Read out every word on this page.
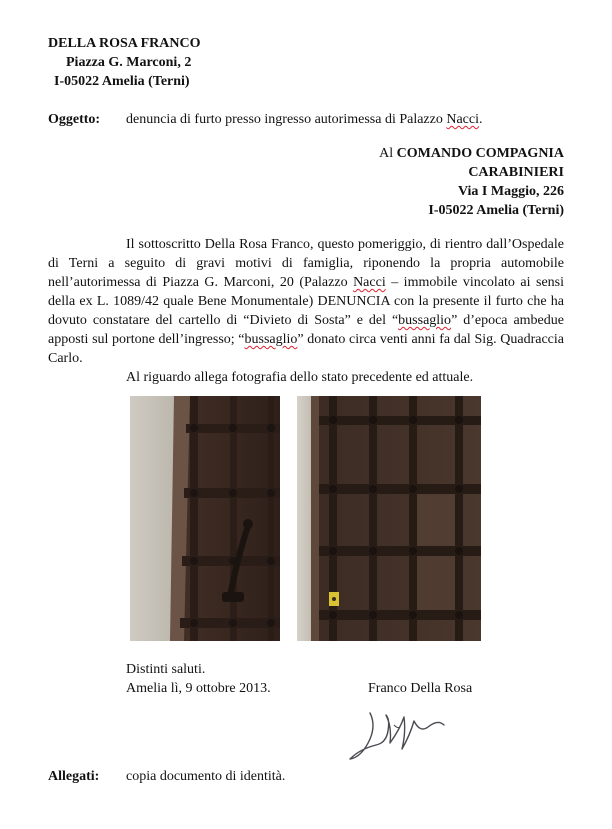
DELLA ROSA FRANCO
Piazza G. Marconi, 2
I-05022 Amelia (Terni)
Oggetto: denuncia di furto presso ingresso autorimessa di Palazzo Nacci.
Al COMANDO COMPAGNIA
CARABINIERI
Via I Maggio, 226
I-05022 Amelia (Terni)

Il sottoscritto Della Rosa Franco, questo pomeriggio, di rientro dall’Ospedale di Terni a seguito di gravi motivi di famiglia, riponendo la propria automobile nell’autorimessa di Piazza G. Marconi, 20 (Palazzo Nacci – immobile vincolato ai sensi della ex L. 1089/42 quale Bene Monumentale) DENUNCIA con la presente il furto che ha dovuto constatare del cartello di “Divieto di Sosta” e del “bussaglio” d’epoca ambedue apposti sul portone dell’ingresso; “bussaglio” donato circa venti anni fa dal Sig. Quadraccia Carlo.

Al riguardo allega fotografia dello stato precedente ed attuale.

Distinti saluti.
Amelia lì, 9 ottobre 2013.	Franco Della Rosa
Allegati: copia documento di identità.
